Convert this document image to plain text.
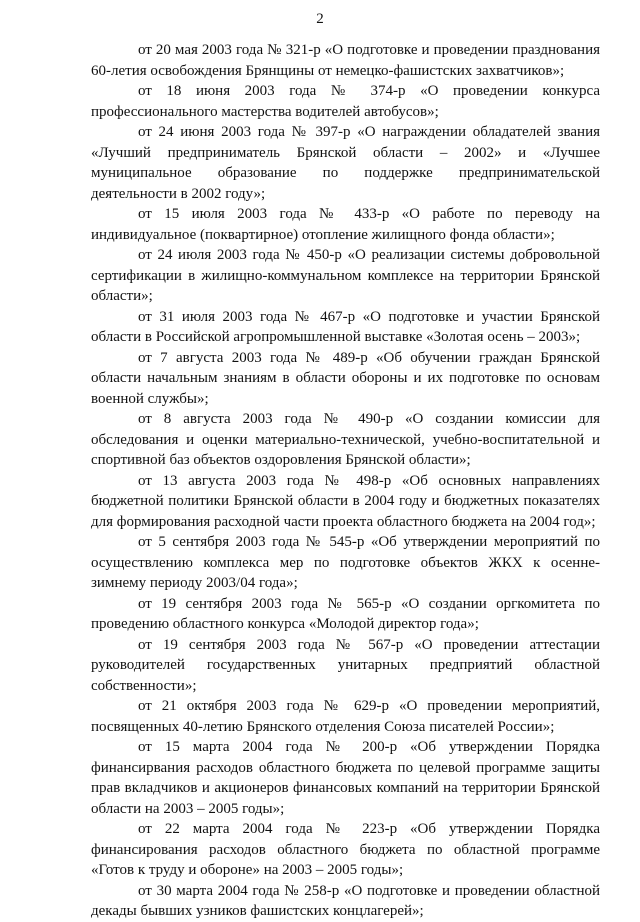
2

от 20 мая 2003 года № 321-р «О подготовке и проведении празднования 60-летия освобождения Брянщины от немецко-фашистских захватчиков»;

от 18 июня 2003 года № 374-р «О проведении конкурса профессионального мастерства водителей автобусов»;

от 24 июня 2003 года № 397-р «О награждении обладателей звания «Лучший предприниматель Брянской области – 2002» и «Лучшее муниципальное образование по поддержке предпринимательской деятельности в 2002 году»;

от 15 июля 2003 года № 433-р «О работе по переводу на индивидуальное (поквартирное) отопление жилищного фонда области»;

от 24 июля 2003 года № 450-р «О реализации системы добровольной сертификации в жилищно-коммунальном комплексе на территории Брянской области»;

от 31 июля 2003 года № 467-р «О подготовке и участии Брянской области в Российской агропромышленной выставке «Золотая осень – 2003»;

от 7 августа 2003 года № 489-р «Об обучении граждан Брянской области начальным знаниям в области обороны и их подготовке по основам военной службы»;

от 8 августа 2003 года № 490-р «О создании комиссии для обследования и оценки материально-технической, учебно-воспитательной и спортивной баз объектов оздоровления Брянской области»;

от 13 августа 2003 года № 498-р «Об основных направлениях бюджетной политики Брянской области в 2004 году и бюджетных показателях для формирования расходной части проекта областного бюджета на 2004 год»;

от 5 сентября 2003 года № 545-р «Об утверждении мероприятий по осуществлению комплекса мер по подготовке объектов ЖКХ к осенне-зимнему периоду 2003/04 года»;

от 19 сентября 2003 года № 565-р «О создании оргкомитета по проведению областного конкурса «Молодой директор года»;

от 19 сентября 2003 года № 567-р «О проведении аттестации руководителей государственных унитарных предприятий областной собственности»;

от 21 октября 2003 года № 629-р «О проведении мероприятий, посвященных 40-летию Брянского отделения Союза писателей России»;

от 15 марта 2004 года № 200-р «Об утверждении Порядка финансирвания расходов областного бюджета по целевой программе защиты прав вкладчиков и акционеров финансовых компаний на территории Брянской области на 2003 – 2005 годы»;

от 22 марта 2004 года № 223-р «Об утверждении Порядка финансирования расходов областного бюджета по областной программе «Готов к труду и обороне» на 2003 – 2005 годы»;

от 30 марта 2004 года № 258-р «О подготовке и проведении областной декады бывших узников фашистских концлагерей»;
